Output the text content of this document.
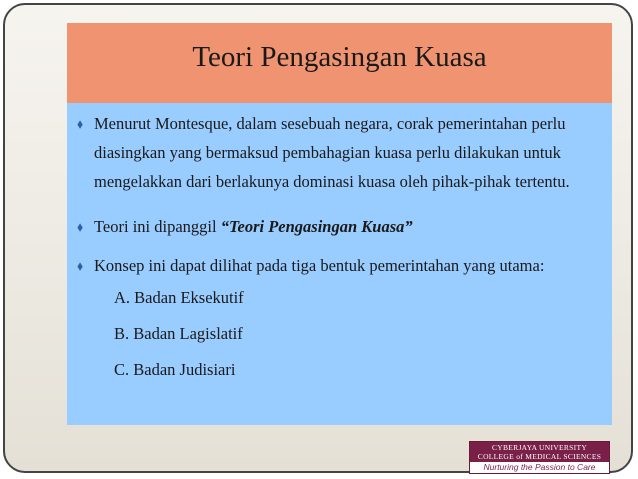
Teori Pengasingan Kuasa
⬧ Menurut Montesque, dalam sesebuah negara, corak pemerintahan perlu
diasingkan yang bermaksud pembahagian kuasa perlu dilakukan untuk
mengelakkan dari berlakunya dominasi kuasa oleh pihak-pihak tertentu.
⬧ Teori ini dipanggil “Teori Pengasingan Kuasa”
⬧ Konsep ini dapat dilihat pada tiga bentuk pemerintahan yang utama:
A. Badan Eksekutif
B. Badan Lagislatif
C. Badan Judisiari
CYBERJAYA UNIVERSITY
COLLEGE of MEDICAL SCIENCES
Nurturing the Passion to Care
